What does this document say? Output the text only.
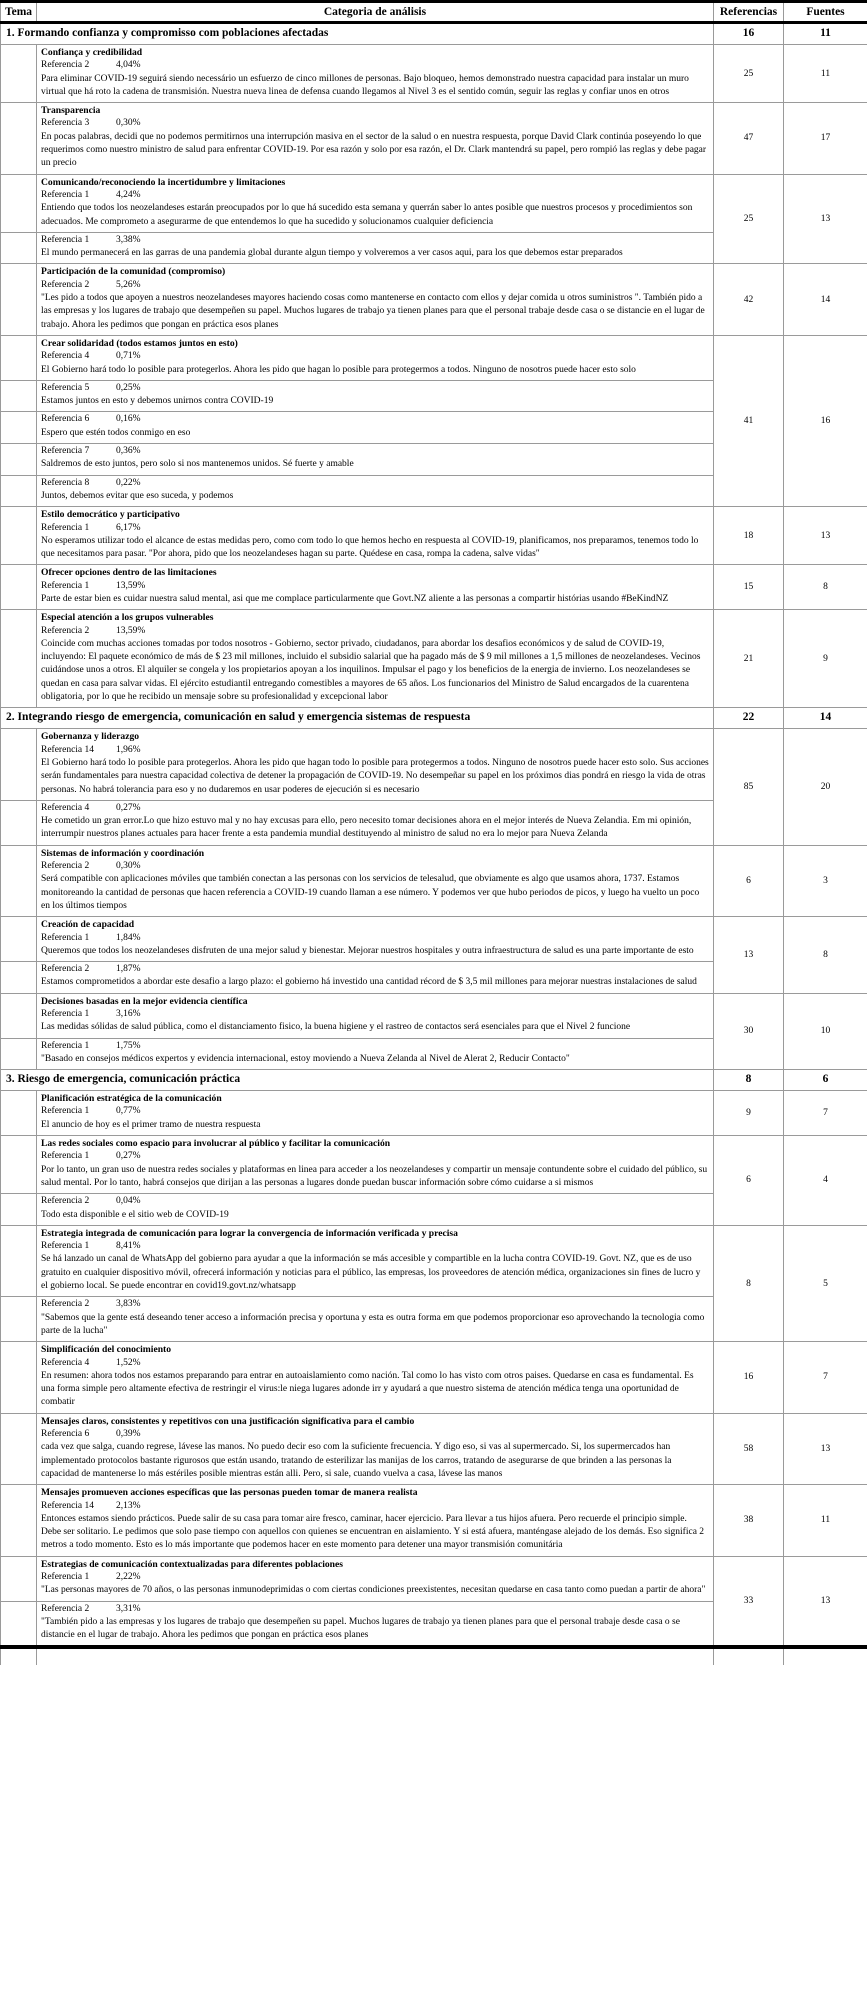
Tema	Categoria de análisis	Referencias	Fuentes
1. Formando confianza y compromisso com poblaciones afectadas		16	11

	Confiança y credibilidad
Referencia 2 4,04%
Para eliminar COVID-19 seguirá siendo necessário un esfuerzo de cinco millones de personas. Bajo bloqueo, hemos demonstrado nuestra capacidad para instalar un muro virtual que há roto la cadena de transmisión. Nuestra nueva linea de defensa cuando llegamos al Nivel 3 es el sentido común, seguir las reglas y confiar unos en otros	25	11

	Transparencia
Referencia 3 0,30%
En pocas palabras, decidi que no podemos permitirnos una interrupción masiva en el sector de la salud o en nuestra respuesta, porque David Clark continúa poseyendo lo que requerimos como nuestro ministro de salud para enfrentar COVID-19. Por esa razón y solo por esa razón, el Dr. Clark mantendrá su papel, pero rompió las reglas y debe pagar un precio	47	17

	Comunicando/reconociendo la incertidumbre y limitaciones
Referencia 1 4,24%
Entiendo que todos los neozelandeses estarán preocupados por lo que há sucedido esta semana y querrán saber lo antes posible que nuestros procesos y procedimientos son adecuados. Me comprometo a asegurarme de que entendemos lo que ha sucedido y solucionamos cualquier deficiencia	25	13

	Referencia 1 3,38%
El mundo permanecerá en las garras de una pandemia global durante algun tiempo y volveremos a ver casos aqui, para los que debemos estar preparados		

	Participación de la comunidad (compromiso)
Referencia 2 5,26%
"Les pido a todos que apoyen a nuestros neozelandeses mayores haciendo cosas como mantenerse en contacto com ellos y dejar comida u otros suministros ". También pido a las empresas y los lugares de trabajo que desempeñen su papel. Muchos lugares de trabajo ya tienen planes para que el personal trabaje desde casa o se distancie en el lugar de trabajo. Ahora les pedimos que pongan en práctica esos planes	42	14

	Crear solidaridad (todos estamos juntos en esto)
Referencia 4 0,71%
El Gobierno hará todo lo posible para protegerlos. Ahora les pido que hagan lo posible para protegermos a todos. Ninguno de nosotros puede hacer esto solo	41	16

	Referencia 5 0,25%
Estamos juntos en esto y debemos unirnos contra COVID-19		

	Referencia 6 0,16%
Espero que estén todos conmigo en eso		

	Referencia 7 0,36%
Saldremos de esto juntos, pero solo si nos mantenemos unidos. Sé fuerte y amable		

	Referencia 8 0,22%
Juntos, debemos evitar que eso suceda, y podemos		

	Estilo democrático y participativo
Referencia 1 6,17%
No esperamos utilizar todo el alcance de estas medidas pero, como com todo lo que hemos hecho en respuesta al COVID-19, planificamos, nos preparamos, tenemos todo lo que necesitamos para pasar. "Por ahora, pido que los neozelandeses hagan su parte. Quédese en casa, rompa la cadena, salve vidas"	18	13

	Ofrecer opciones dentro de las limitaciones
Referencia 1 13,59%
Parte de estar bien es cuidar nuestra salud mental, asi que me complace particularmente que Govt.NZ aliente a las personas a compartir histórias usando #BeKindNZ	15	8

	Especial atención a los grupos vulnerables
Referencia 2 13,59%
Coincide com muchas acciones tomadas por todos nosotros - Gobierno, sector privado, ciudadanos, para abordar los desafios económicos y de salud de COVID-19, incluyendo: El paquete económico de más de $ 23 mil millones, incluido el subsidio salarial que ha pagado más de $ 9 mil millones a 1,5 millones de neozelandeses. Vecinos cuidándose unos a otros. El alquiler se congela y los propietarios apoyan a los inquilinos. Impulsar el pago y los beneficios de la energia de invierno. Los neozelandeses se quedan en casa para salvar vidas. El ejército estudiantil entregando comestibles a mayores de 65 años. Los funcionarios del Ministro de Salud encargados de la cuarentena obligatoria, por lo que he recibido un mensaje sobre su profesionalidad y excepcional labor	21	9
2. Integrando riesgo de emergencia, comunicación en salud y emergencia sistemas de respuesta		22	14

	Gobernanza y liderazgo
Referencia 14 1,96%
El Gobierno hará todo lo posible para protegerlos. Ahora les pido que hagan todo lo posible para protegermos a todos. Ninguno de nosotros puede hacer esto solo. Sus acciones serán fundamentales para nuestra capacidad colectiva de detener la propagación de COVID-19. No desempeñar su papel en los próximos dias pondrá en riesgo la vida de otras personas. No habrá tolerancia para eso y no dudaremos en usar poderes de ejecución si es necesario	85	20

	Referencia 4 0,27%
He cometido un gran error.Lo que hizo estuvo mal y no hay excusas para ello, pero necesito tomar decisiones ahora en el mejor interés de Nueva Zelandia. Em mi opinión, interrumpir nuestros planes actuales para hacer frente a esta pandemia mundial destituyendo al ministro de salud no era lo mejor para Nueva Zelanda		

	Sistemas de información y coordinación
Referencia 2 0,30%
Será compatible con aplicaciones móviles que también conectan a las personas con los servicios de telesalud, que obviamente es algo que usamos ahora, 1737. Estamos monitoreando la cantidad de personas que hacen referencia a COVID-19 cuando llaman a ese número. Y podemos ver que hubo periodos de picos, y luego ha vuelto un poco en los últimos tiempos	6	3

	Creación de capacidad
Referencia 1 1,84%
Queremos que todos los neozelandeses disfruten de una mejor salud y bienestar. Mejorar nuestros hospitales y outra infraestructura de salud es una parte importante de esto	13	8

	Referencia 2 1,87%
Estamos comprometidos a abordar este desafio a largo plazo: el gobierno há investido una cantidad récord de $ 3,5 mil millones para mejorar nuestras instalaciones de salud		

	Decisiones basadas en la mejor evidencia científica
Referencia 1 3,16%
Las medidas sólidas de salud pública, como el distanciamento fisico, la buena higiene y el rastreo de contactos será esenciales para que el Nivel 2 funcione	30	10

	Referencia 1 1,75%
"Basado en consejos médicos expertos y evidencia internacional, estoy moviendo a Nueva Zelanda al Nivel de Alerat 2, Reducir Contacto"		

3. Riesgo de emergencia, comunicación práctica		8	6

	Planificación estratégica de la comunicación
Referencia 1 0,77%
El anuncio de hoy es el primer tramo de nuestra respuesta	9	7

	Las redes sociales como espacio para involucrar al público y facilitar la comunicación
Referencia 1 0,27%
Por lo tanto, un gran uso de nuestra redes sociales y plataformas en linea para acceder a los neozelandeses y compartir un mensaje contundente sobre el cuidado del público, su salud mental. Por lo tanto, habrá consejos que dirijan a las personas a lugares donde puedan buscar información sobre cómo cuidarse a si mismos	6	4

	Referencia 2 0,04%
Todo esta disponible e el sitio web de COVID-19		

	Estrategia integrada de comunicación para lograr la convergencia de información verificada y precisa
Referencia 1 8,41%
Se há lanzado un canal de WhatsApp del gobierno para ayudar a que la información se más accesible y compartible en la lucha contra COVID-19. Govt. NZ, que es de uso gratuito en cualquier dispositivo móvil, ofrecerá información y noticias para el público, las empresas, los proveedores de atención médica, organizaciones sin fines de lucro y el gobierno local. Se puede encontrar en covid19.govt.nz/whatsapp	8	5

	Referencia 2 3,83%
"Sabemos que la gente está deseando tener acceso a información precisa y oportuna y esta es outra forma em que podemos proporcionar eso aprovechando la tecnologia como parte de la lucha"		

	Simplificación del conocimiento
Referencia 4 1,52%
En resumen: ahora todos nos estamos preparando para entrar en autoaislamiento como nación. Tal como lo has visto com otros paises. Quedarse en casa es fundamental. Es una forma simple pero altamente efectiva de restringir el virus:le niega lugares adonde irr y ayudará a que nuestro sistema de atención médica tenga una oportunidad de combatir	16	7

	Mensajes claros, consistentes y repetitivos con una justificación significativa para el cambio
Referencia 6 0,39%
cada vez que salga, cuando regrese, lávese las manos. No puedo decir eso com la suficiente frecuencia. Y digo eso, si vas al supermercado. Si, los supermercados han implementado protocolos bastante rigurosos que están usando, tratando de esterilizar las manijas de los carros, tratando de asegurarse de que brinden a las personas la capacidad de mantenerse lo más estériles posible mientras están alli. Pero, si sale, cuando vuelva a casa, lávese las manos	58	13

	Mensajes promueven acciones específicas que las personas pueden tomar de manera realista
Referencia 14 2,13%
Entonces estamos siendo prácticos. Puede salir de su casa para tomar aire fresco, caminar, hacer ejercicio. Para llevar a tus hijos afuera. Pero recuerde el principio simple. Debe ser solitario. Le pedimos que solo pase tiempo con aquellos con quienes se encuentran en aislamiento. Y si está afuera, manténgase alejado de los demás. Eso significa 2 metros a todo momento. Esto es lo más importante que podemos hacer en este momento para detener una mayor transmisión comunitária	38	11

	Estrategias de comunicación contextualizadas para diferentes poblaciones
Referencia 1 2,22%
"Las personas mayores de 70 años, o las personas inmunodeprimidas o com ciertas condiciones preexistentes, necesitan quedarse en casa tanto como puedan a partir de ahora"	33	13

	Referencia 2 3,31%
"También pido a las empresas y los lugares de trabajo que desempeñen su papel. Muchos lugares de trabajo ya tienen planes para que el personal trabaje desde casa o se distancie en el lugar de trabajo. Ahora les pedimos que pongan en práctica esos planes		
